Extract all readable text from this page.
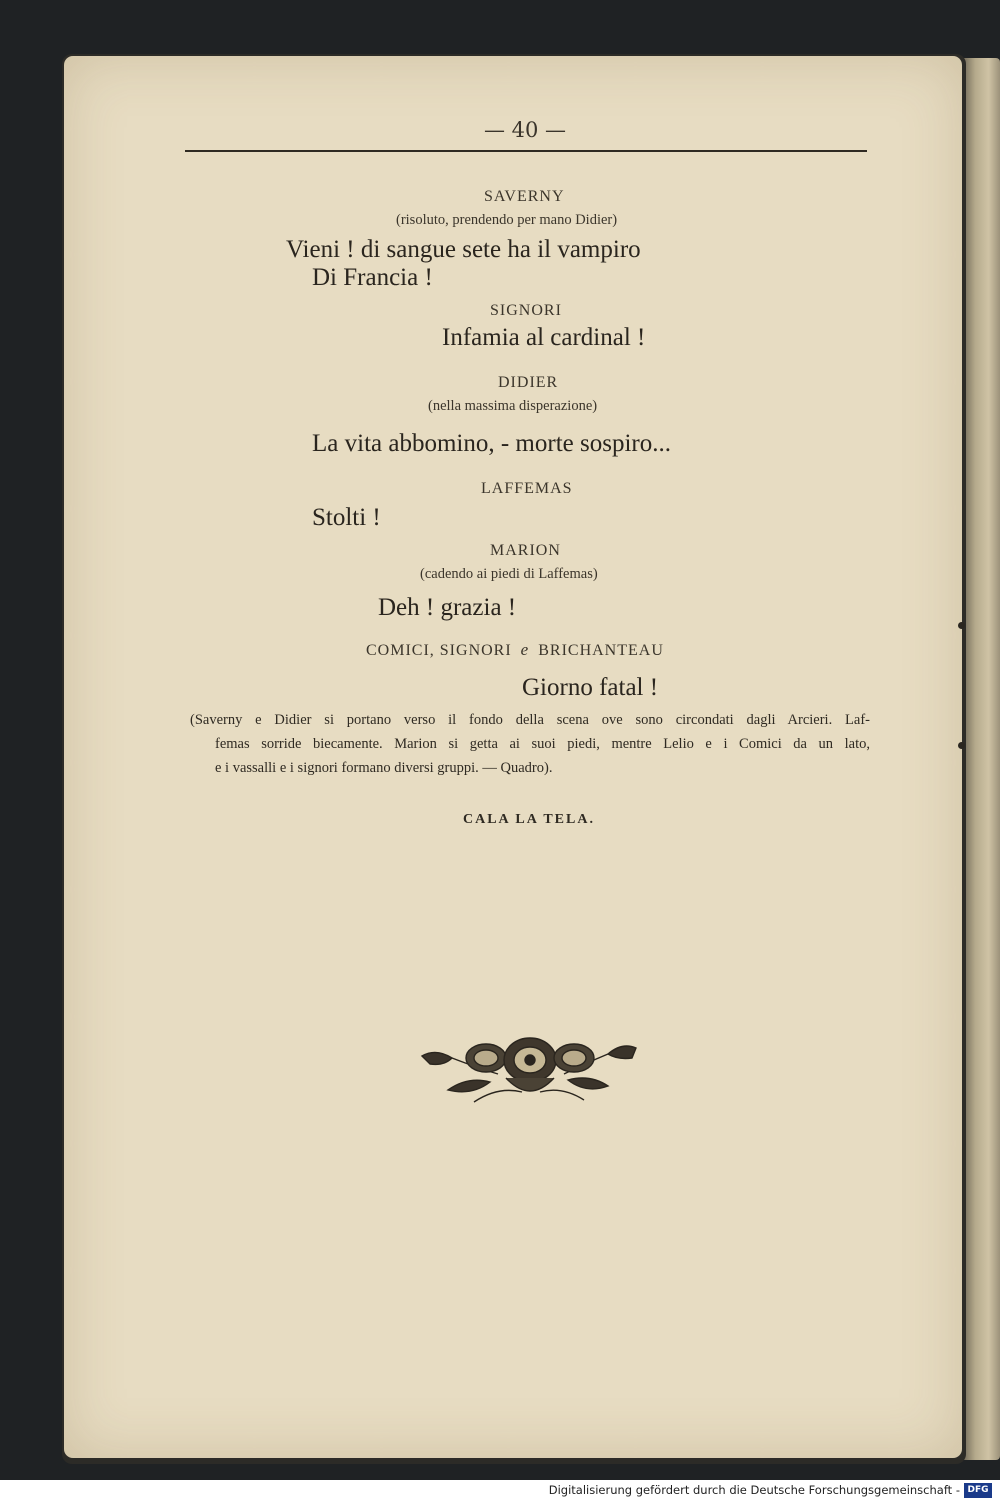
— 40 —
SAVERNY
(risoluto, prendendo per mano Didier)
Vieni ! di sangue sete ha il vampiro
Di Francia !
SIGNORI
Infamia al cardinal !
DIDIER
(nella massima disperazione)
La vita abbomino, - morte sospiro...
LAFFEMAS
Stolti !
MARION
(cadendo ai piedi di Laffemas)
Deh ! grazia !
COMICI, SIGNORI e BRICHANTEAU
Giorno fatal !
(Saverny e Didier si portano verso il fondo della scena ove sono circondati dagli Arcieri. Laf-
femas sorride biecamente. Marion si getta ai suoi piedi, mentre Lelio e i Comici da un lato,
e i vassalli e i signori formano diversi gruppi. — Quadro).
CALA LA TELA.
Digitalisierung gefördert durch die Deutsche Forschungsgemeinschaft - DFG
